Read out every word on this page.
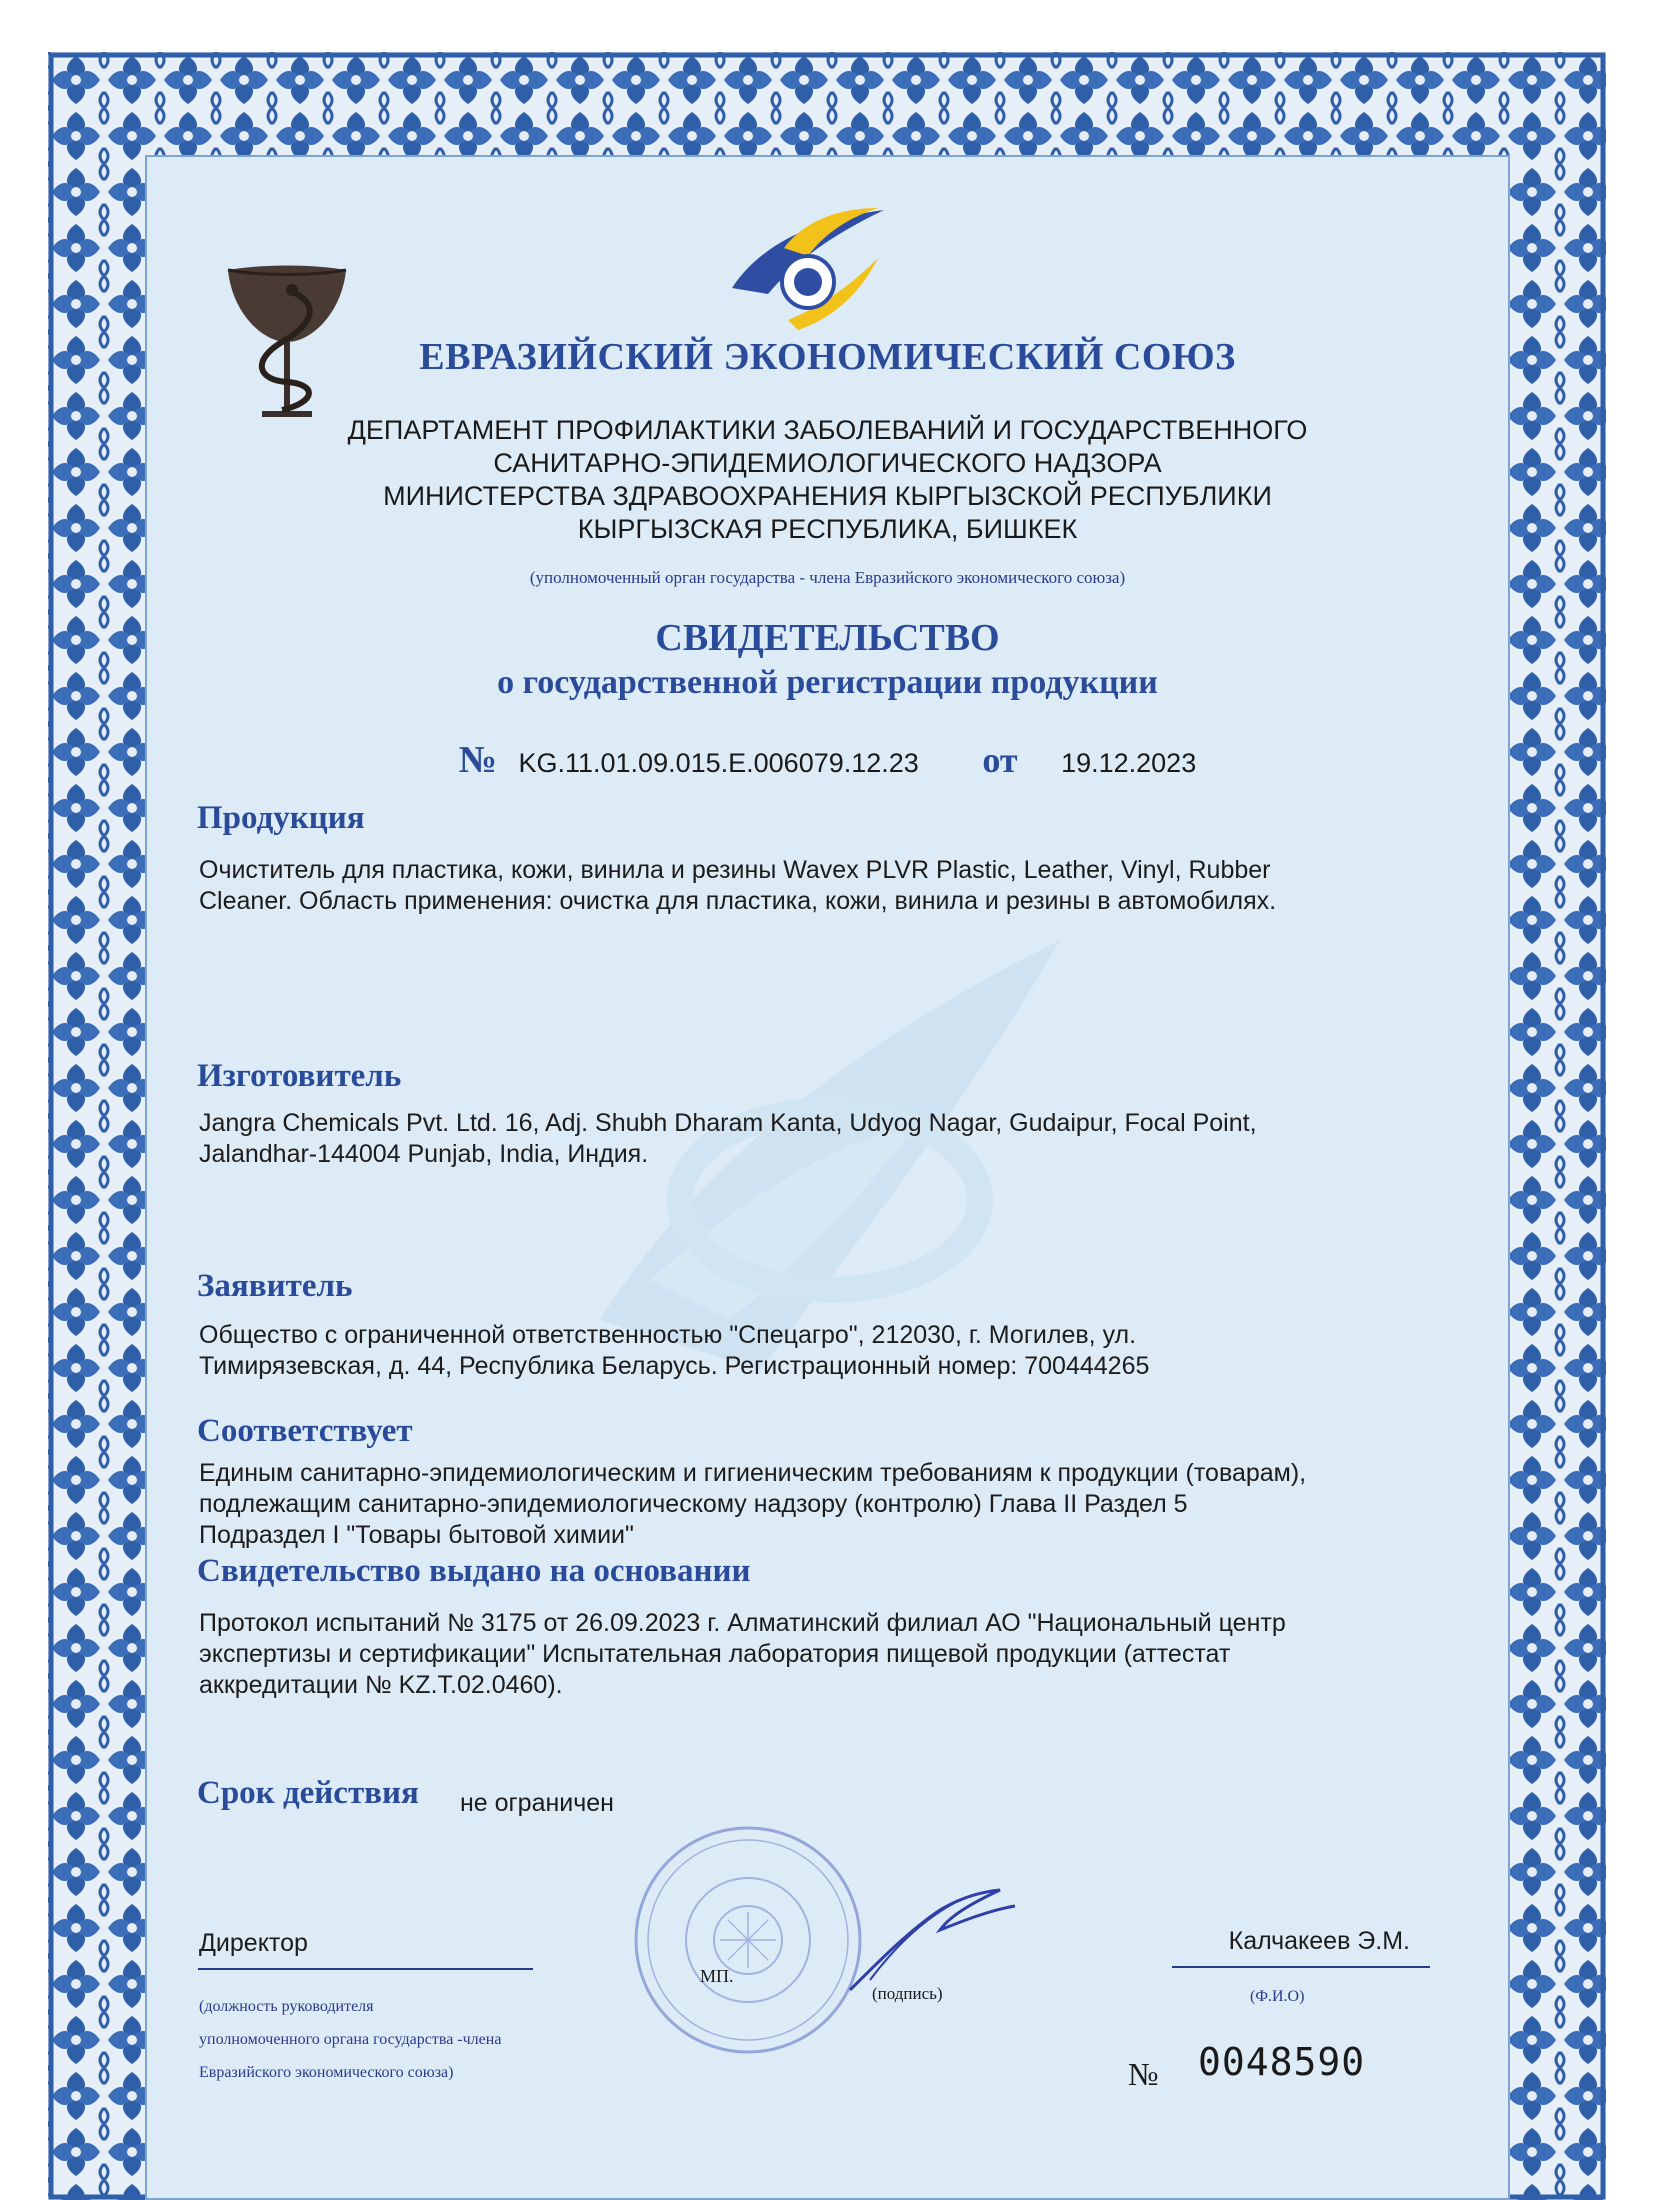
ЕВРАЗИЙСКИЙ ЭКОНОМИЧЕСКИЙ СОЮЗ
ДЕПАРТАМЕНТ ПРОФИЛАКТИКИ ЗАБОЛЕВАНИЙ И ГОСУДАРСТВЕННОГО
САНИТАРНО-ЭПИДЕМИОЛОГИЧЕСКОГО НАДЗОРА
МИНИСТЕРСТВА ЗДРАВООХРАНЕНИЯ КЫРГЫЗСКОЙ РЕСПУБЛИКИ
КЫРГЫЗСКАЯ РЕСПУБЛИКА, БИШКЕК
(уполномоченный орган государства - члена Евразийского экономического союза)
СВИДЕТЕЛЬСТВО
о государственной регистрации продукции
№ KG.11.01.09.015.E.006079.12.23 от 19.12.2023
Продукция
Очиститель для пластика, кожи, винила и резины Wavex PLVR Plastic, Leather, Vinyl, Rubber
Cleaner. Область применения: очистка для пластика, кожи, винила и резины в автомобилях.
Изготовитель
Jangra Chemicals Pvt. Ltd. 16, Adj. Shubh Dharam Kanta, Udyog Nagar, Gudaipur, Focal Point,
Jalandhar-144004 Punjab, India, Индия.
Заявитель
Общество с ограниченной ответственностью "Спецагро", 212030, г. Могилев, ул.
Тимирязевская, д. 44, Республика Беларусь. Регистрационный номер: 700444265
Соответствует
Единым санитарно-эпидемиологическим и гигиеническим требованиям к продукции (товарам),
подлежащим санитарно-эпидемиологическому надзору (контролю) Глава II Раздел 5
Подраздел I "Товары бытовой химии"
Свидетельство выдано на основании
Протокол испытаний № 3175 от 26.09.2023 г. Алматинский филиал АО "Национальный центр
экспертизы и сертификации" Испытательная лаборатория пищевой продукции (аттестат
аккредитации № KZ.T.02.0460).
Срок действия не ограничен
Директор
(должность руководителя
уполномоченного органа государства -члена
Евразийского экономического союза)
МП.
(подпись)
Калчакеев Э.М.
(Ф.И.О)
№ 0048590
